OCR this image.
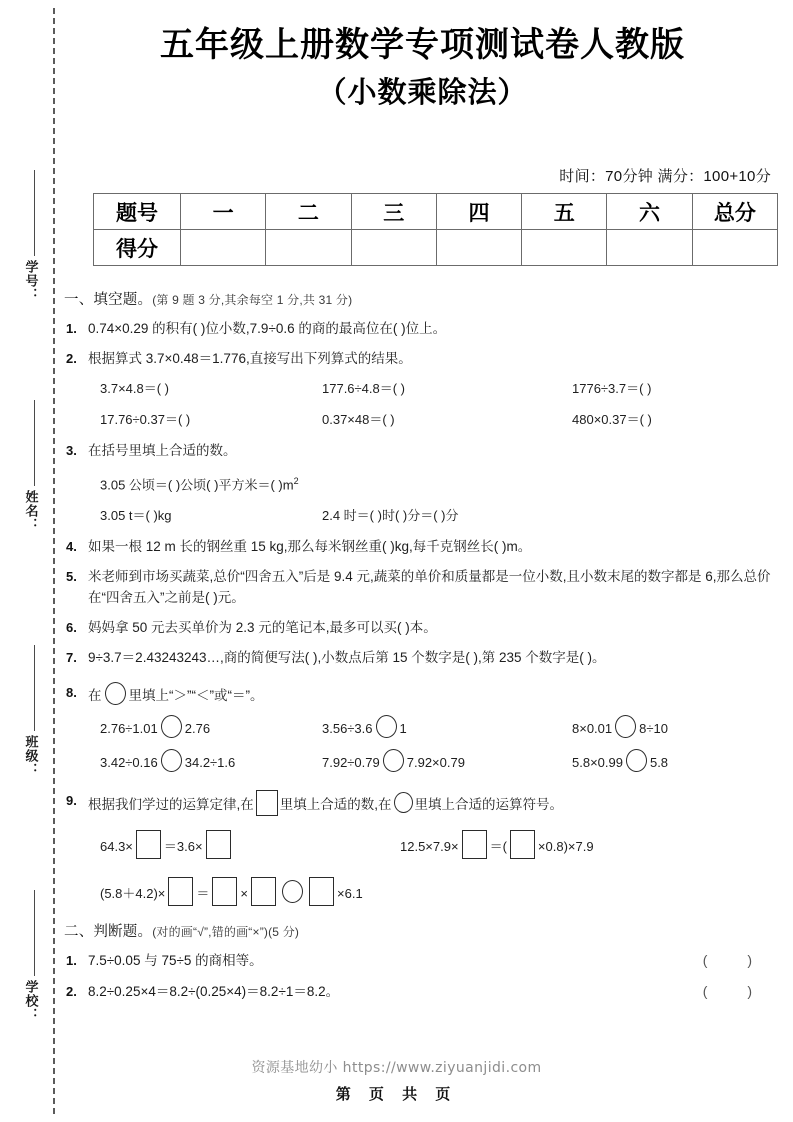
学号：
姓名：
班级：
学校：
五年级上册数学专项测试卷人教版
（小数乘除法）
时间：70分钟 满分：100+10分
题号	一	二	三	四	五	六	总分
得分							
一、填空题。(第 9 题 3 分,其余每空 1 分,共 31 分)
1. 0.74×0.29 的积有( )位小数,7.9÷0.6 的商的最高位在( )位上。
2. 根据算式 3.7×0.48＝1.776,直接写出下列算式的结果。
3.7×4.8＝( )	177.6÷4.8＝( )	1776÷3.7＝( )
17.76÷0.37＝( )	0.37×48＝( )	480×0.37＝( )
3. 在括号里填上合适的数。
3.05 公顷＝( )公顷( )平方米＝( )$m^2$
3.05 t＝( )kg	2.4 时＝( )时( )分＝( )分
4. 如果一根 12 m 长的钢丝重 15 kg,那么每米钢丝重( )kg,每千克钢丝长( )m。
5. 米老师到市场买蔬菜,总价“四舍五入”后是 9.4 元,蔬菜的单价和质量都是一位小数,且小数末尾的数字都是 6,那么总价在“四舍五入”之前是( )元。
6. 妈妈拿 50 元去买单价为 2.3 元的笔记本,最多可以买( )本。
7. 9÷3.7＝2.43243243…,商的简便写法( ),小数点后第 15 个数字是( ),第 235 个数字是( )。
8. 在 里填上“＞”“＜”或“＝”。
2.76÷1.01 2.76	3.56÷3.6 1	8×0.01 8÷10
3.42÷0.16 34.2÷1.6	7.92÷0.79 7.92×0.79	5.8×0.99 5.8
9. 根据我们学过的运算定律,在 里填上合适的数,在 里填上合适的运算符号。
64.3× ＝3.6×	12.5×7.9× ＝( ×0.8)×7.9
(5.8＋4.2)× ＝ ×	×6.1
二、判断题。(对的画“√”,错的画“×”)(5 分)
1. 7.5÷0.05 与 75÷5 的商相等。	( )
2. 8.2÷0.25×4＝8.2÷(0.25×4)＝8.2÷1＝8.2。	( )
资源基地幼小 https://www.ziyuanjidi.com
第 页 共 页
